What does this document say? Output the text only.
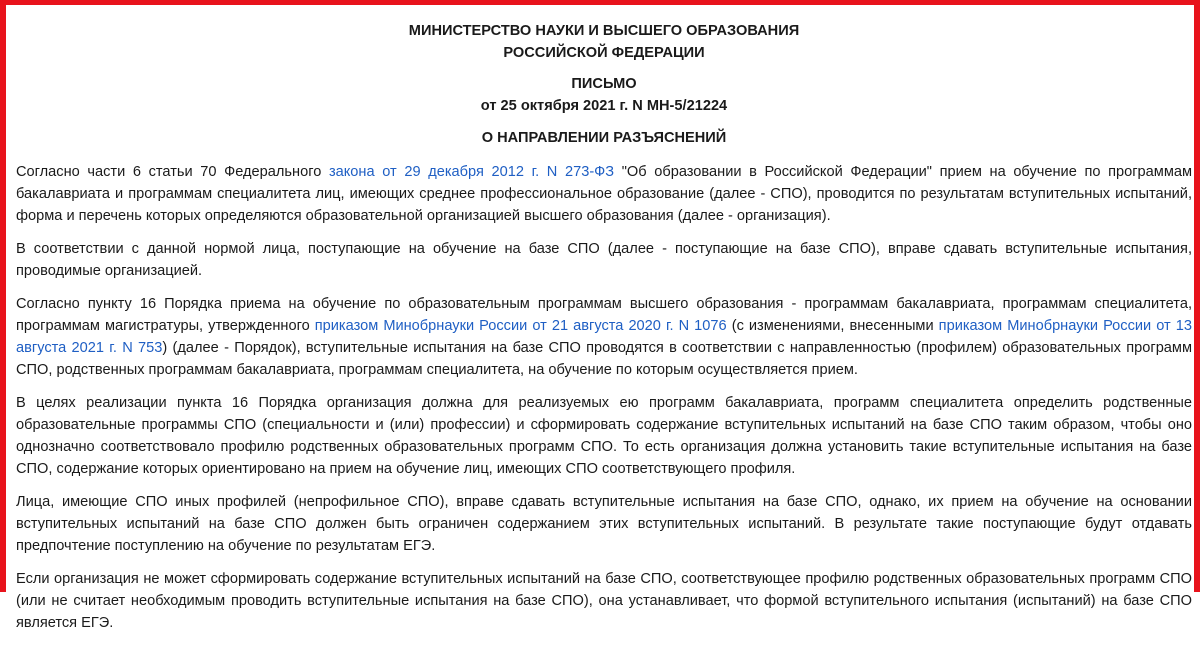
МИНИСТЕРСТВО НАУКИ И ВЫСШЕГО ОБРАЗОВАНИЯ
РОССИЙСКОЙ ФЕДЕРАЦИИ
ПИСЬМО
от 25 октября 2021 г. N МН-5/21224
О НАПРАВЛЕНИИ РАЗЪЯСНЕНИЙ

Согласно части 6 статьи 70 Федерального закона от 29 декабря 2012 г. N 273-ФЗ "Об образовании в Российской Федерации" прием на обучение по программам бакалавриата и программам специалитета лиц, имеющих среднее профессиональное образование (далее - СПО), проводится по результатам вступительных испытаний, форма и перечень которых определяются образовательной организацией высшего образования (далее - организация).

В соответствии с данной нормой лица, поступающие на обучение на базе СПО (далее - поступающие на базе СПО), вправе сдавать вступительные испытания, проводимые организацией.

Согласно пункту 16 Порядка приема на обучение по образовательным программам высшего образования - программам бакалавриата, программам специалитета, программам магистратуры, утвержденного приказом Минобрнауки России от 21 августа 2020 г. N 1076 (с изменениями, внесенными приказом Минобрнауки России от 13 августа 2021 г. N 753) (далее - Порядок), вступительные испытания на базе СПО проводятся в соответствии с направленностью (профилем) образовательных программ СПО, родственных программам бакалавриата, программам специалитета, на обучение по которым осуществляется прием.

В целях реализации пункта 16 Порядка организация должна для реализуемых ею программ бакалавриата, программ специалитета определить родственные образовательные программы СПО (специальности и (или) профессии) и сформировать содержание вступительных испытаний на базе СПО таким образом, чтобы оно однозначно соответствовало профилю родственных образовательных программ СПО. То есть организация должна установить такие вступительные испытания на базе СПО, содержание которых ориентировано на прием на обучение лиц, имеющих СПО соответствующего профиля.

Лица, имеющие СПО иных профилей (непрофильное СПО), вправе сдавать вступительные испытания на базе СПО, однако, их прием на обучение на основании вступительных испытаний на базе СПО должен быть ограничен содержанием этих вступительных испытаний. В результате такие поступающие будут отдавать предпочтение поступлению на обучение по результатам ЕГЭ.

Если организация не может сформировать содержание вступительных испытаний на базе СПО, соответствующее профилю родственных образовательных программ СПО (или не считает необходимым проводить вступительные испытания на базе СПО), она устанавливает, что формой вступительного испытания (испытаний) на базе СПО является ЕГЭ.
